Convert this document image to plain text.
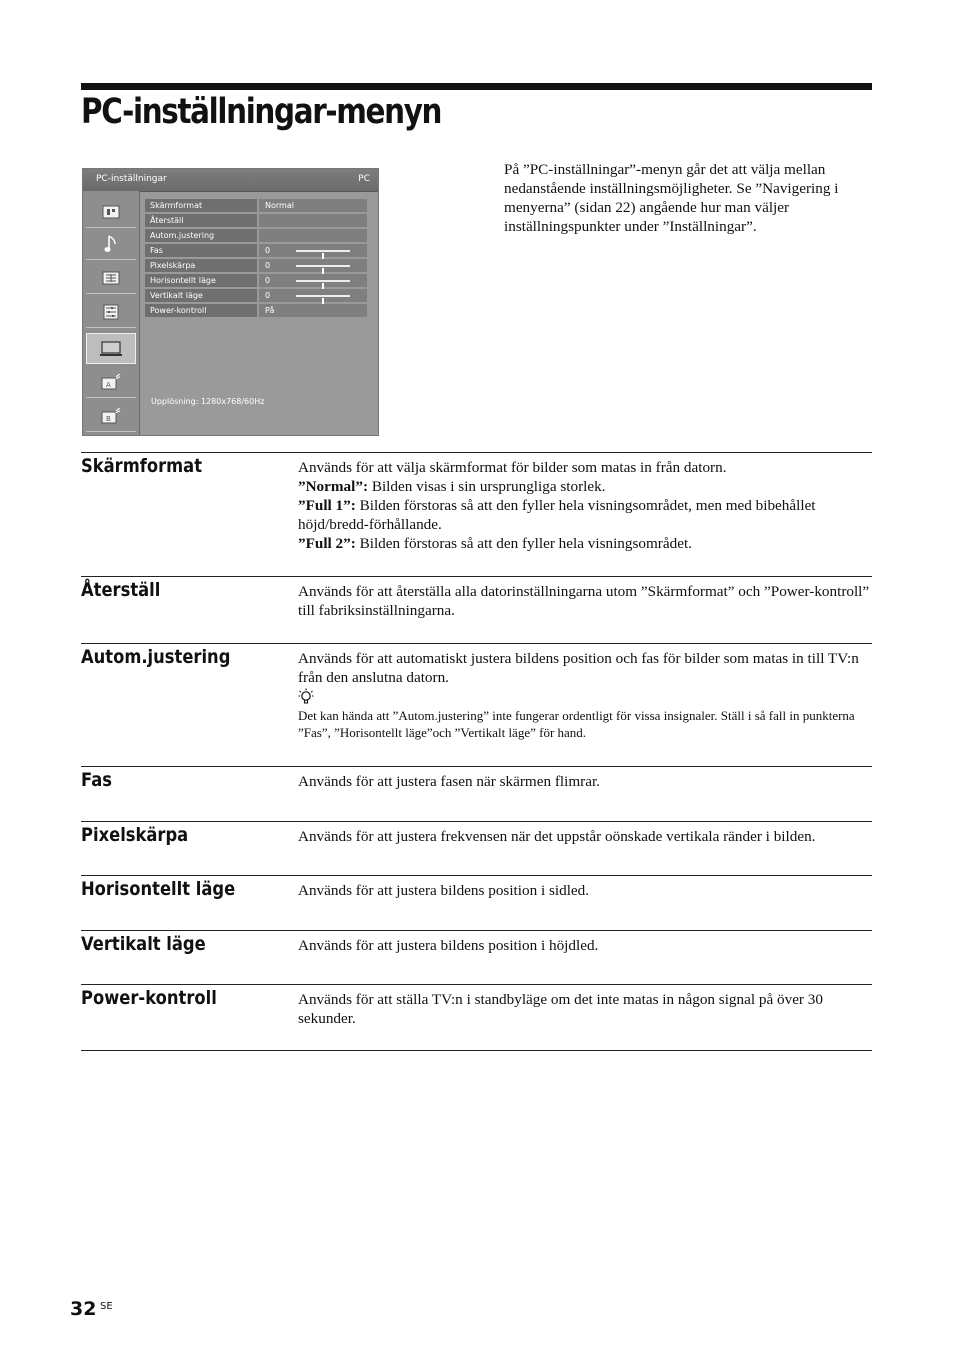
PC-inställningar-menyn
På ”PC-inställningar”-menyn går det att välja mellan nedanstående inställningsmöjligheter. Se ”Navigering i menyerna” (sidan 22) angående hur man väljer inställningspunkter under ”Inställningar”.
PC-inställningar	PC
A
B
Skärmformat	Normal
Återställ
Autom.justering
Fas	0
Pixelskärpa	0
Horisontellt läge	0
Vertikalt läge	0
Power-kontroll	På
Upplösning: 1280x768/60Hz
Skärmformat	Används för att välja skärmformat för bilder som matas in från datorn.

”Normal”: Bilden visas i sin ursprungliga storlek.

”Full 1”: Bilden förstoras så att den fyller hela visningsområdet, men med bibehållet höjd/bredd-förhållande.

”Full 2”: Bilden förstoras så att den fyller hela visningsområdet.

Återställ	Används för att återställa alla datorinställningarna utom ”Skärmformat” och ”Power-kontroll” till fabriksinställningarna.
Autom.justering	Används för att automatiskt justera bildens position och fas för bilder som matas in till TV:n från den anslutna datorn.

Det kan hända att ”Autom.justering” inte fungerar ordentligt för vissa insignaler. Ställ i så fall in punkterna ”Fas”, ”Horisontellt läge”och ”Vertikalt läge” för hand.

Fas	Används för att justera fasen när skärmen flimrar.
Pixelskärpa	Används för att justera frekvensen när det uppstår oönskade vertikala ränder i bilden.
Horisontellt läge	Används för att justera bildens position i sidled.
Vertikalt läge	Används för att justera bildens position i höjdled.
Power-kontroll	Används för att ställa TV:n i standbyläge om det inte matas in någon signal på över 30 sekunder.
32 SE
